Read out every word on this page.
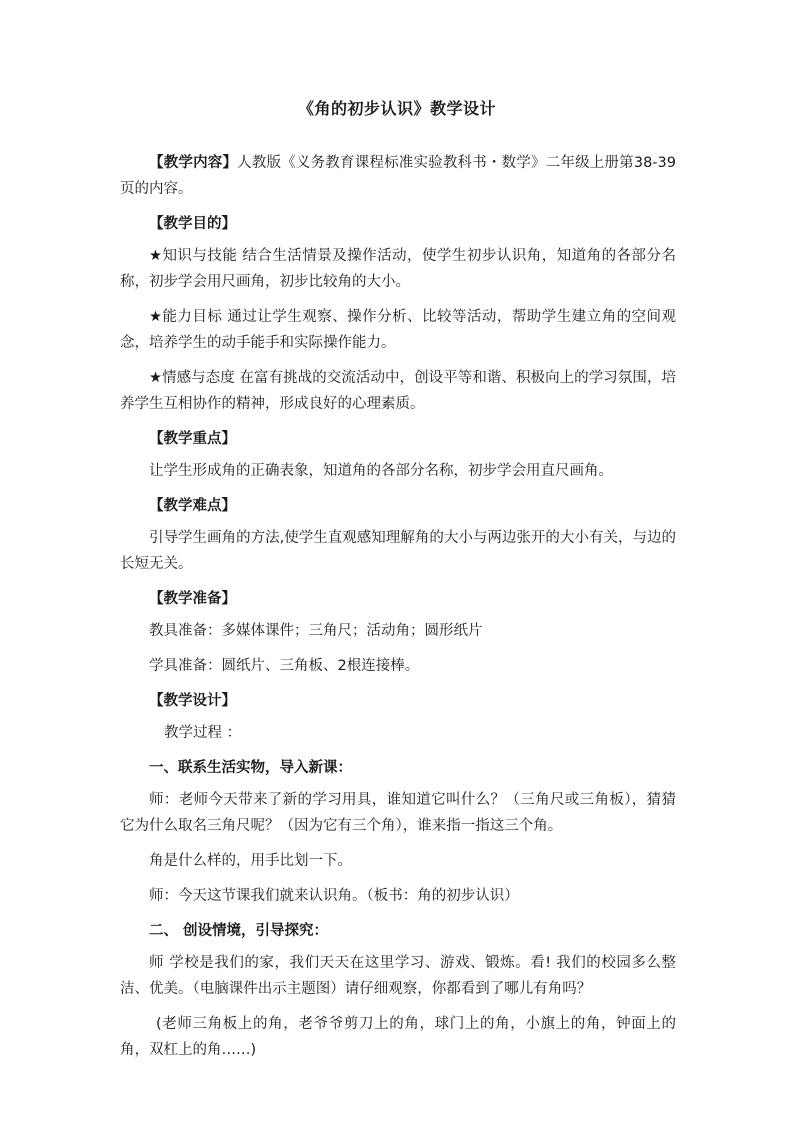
《角的初步认识》教学设计

【教学内容】人教版《义务教育课程标准实验教科书・数学》二年级上册第38-39页的内容。

【教学目的】

★知识与技能 结合生活情景及操作活动，使学生初步认识角，知道角的各部分名称，初步学会用尺画角，初步比较角的大小。

★能力目标 通过让学生观察、操作分析、比较等活动，帮助学生建立角的空间观念，培养学生的动手能手和实际操作能力。

★情感与态度 在富有挑战的交流活动中，创设平等和谐、积极向上的学习氛围，培养学生互相协作的精神，形成良好的心理素质。

【教学重点】

让学生形成角的正确表象，知道角的各部分名称，初步学会用直尺画角。

【教学难点】

引导学生画角的方法,使学生直观感知理解角的大小与两边张开的大小有关，与边的长短无关。

【教学准备】

教具准备：多媒体课件；三角尺；活动角；圆形纸片

学具准备：圆纸片、三角板、2根连接棒。

【教学设计】

教学过程 ：

一、联系生活实物，导入新课：

师：老师今天带来了新的学习用具，谁知道它叫什么？（三角尺或三角板），猜猜它为什么取名三角尺呢？（因为它有三个角），谁来指一指这三个角。

角是什么样的，用手比划一下。

师：今天这节课我们就来认识角。（板书：角的初步认识）

二、 创设情境，引导探究：

师 学校是我们的家，我们天天在这里学习、游戏、锻炼。看! 我们的校园多么整洁、优美。（电脑课件出示主题图）请仔细观察，你都看到了哪儿有角吗？

(老师三角板上的角，老爷爷剪刀上的角，球门上的角，小旗上的角，钟面上的角，双杠上的角……)
